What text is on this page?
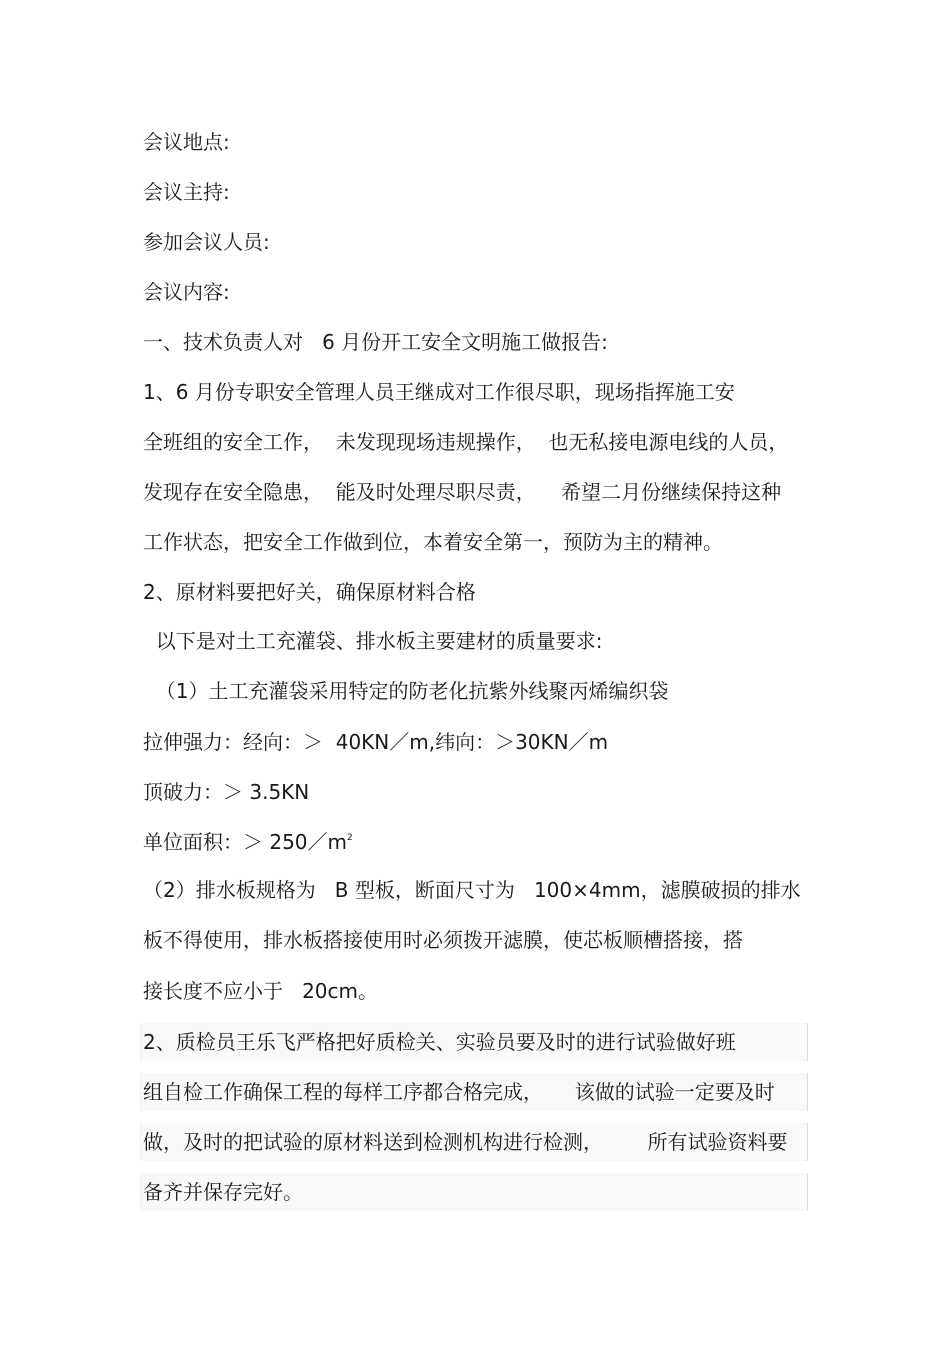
会议地点:
会议主持:
参加会议人员:
会议内容:
一、技术负责人对   6 月份开工安全文明施工做报告:
1、6 月份专职安全管理人员王继成对工作很尽职，现场指挥施工安
全班组的安全工作，  未发现现场违规操作，  也无私接电源电线的人员，
发现存在安全隐患，  能及时处理尽职尽责，    希望二月份继续保持这种
工作状态，把安全工作做到位，本着安全第一，预防为主的精神。
2、原材料要把好关，确保原材料合格
以下是对土工充灌袋、排水板主要建材的质量要求:
（1）土工充灌袋采用特定的防老化抗紫外线聚丙烯编织袋
拉伸强力：经向：＞  40KN／m,纬向：＞30KN／m
顶破力：＞ 3.5KN
单位面积：＞ $250/m^2$
（2）排水板规格为   B 型板，断面尺寸为   100×4mm，滤膜破损的排水
板不得使用，排水板搭接使用时必须拨开滤膜，使芯板顺槽搭接，搭
接长度不应小于   20cm。
2、质检员王乐飞严格把好质检关、实验员要及时的进行试验做好班
组自检工作确保工程的每样工序都合格完成，     该做的试验一定要及时
做，及时的把试验的原材料送到检测机构进行检测，       所有试验资料要
备齐并保存完好。
